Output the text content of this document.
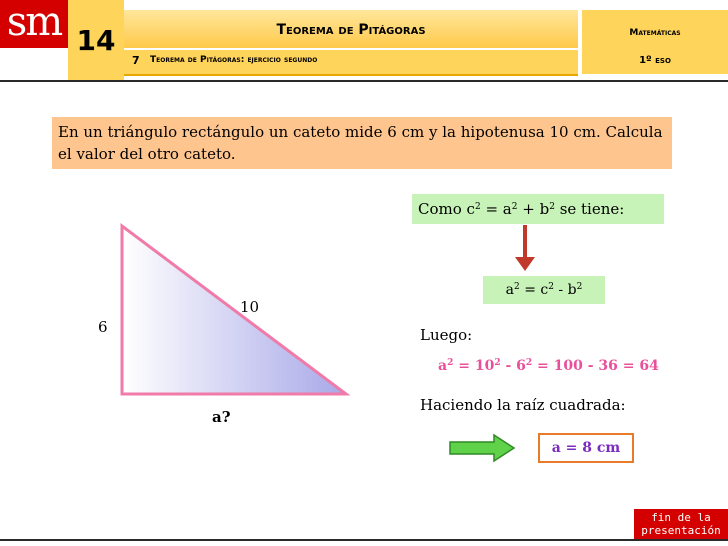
sm 14	Teorema de Pitágoras
7 Teorema de Pitágoras: ejercicio segundo
Matemáticas
1º eso
En un triángulo rectángulo un cateto mide 6 cm y la hipotenusa 10 cm. Calcula el valor del otro cateto.
6
10
a?
Como $c^2 = a^2 + b^2$ se tiene:
$a^2 = c^2 - b^2$
Luego:
$a^2 = 10^2 - 6^2 = 100 - 36 = 64$
Haciendo la raíz cuadrada:
a = 8 cm
fin de la
presentación
